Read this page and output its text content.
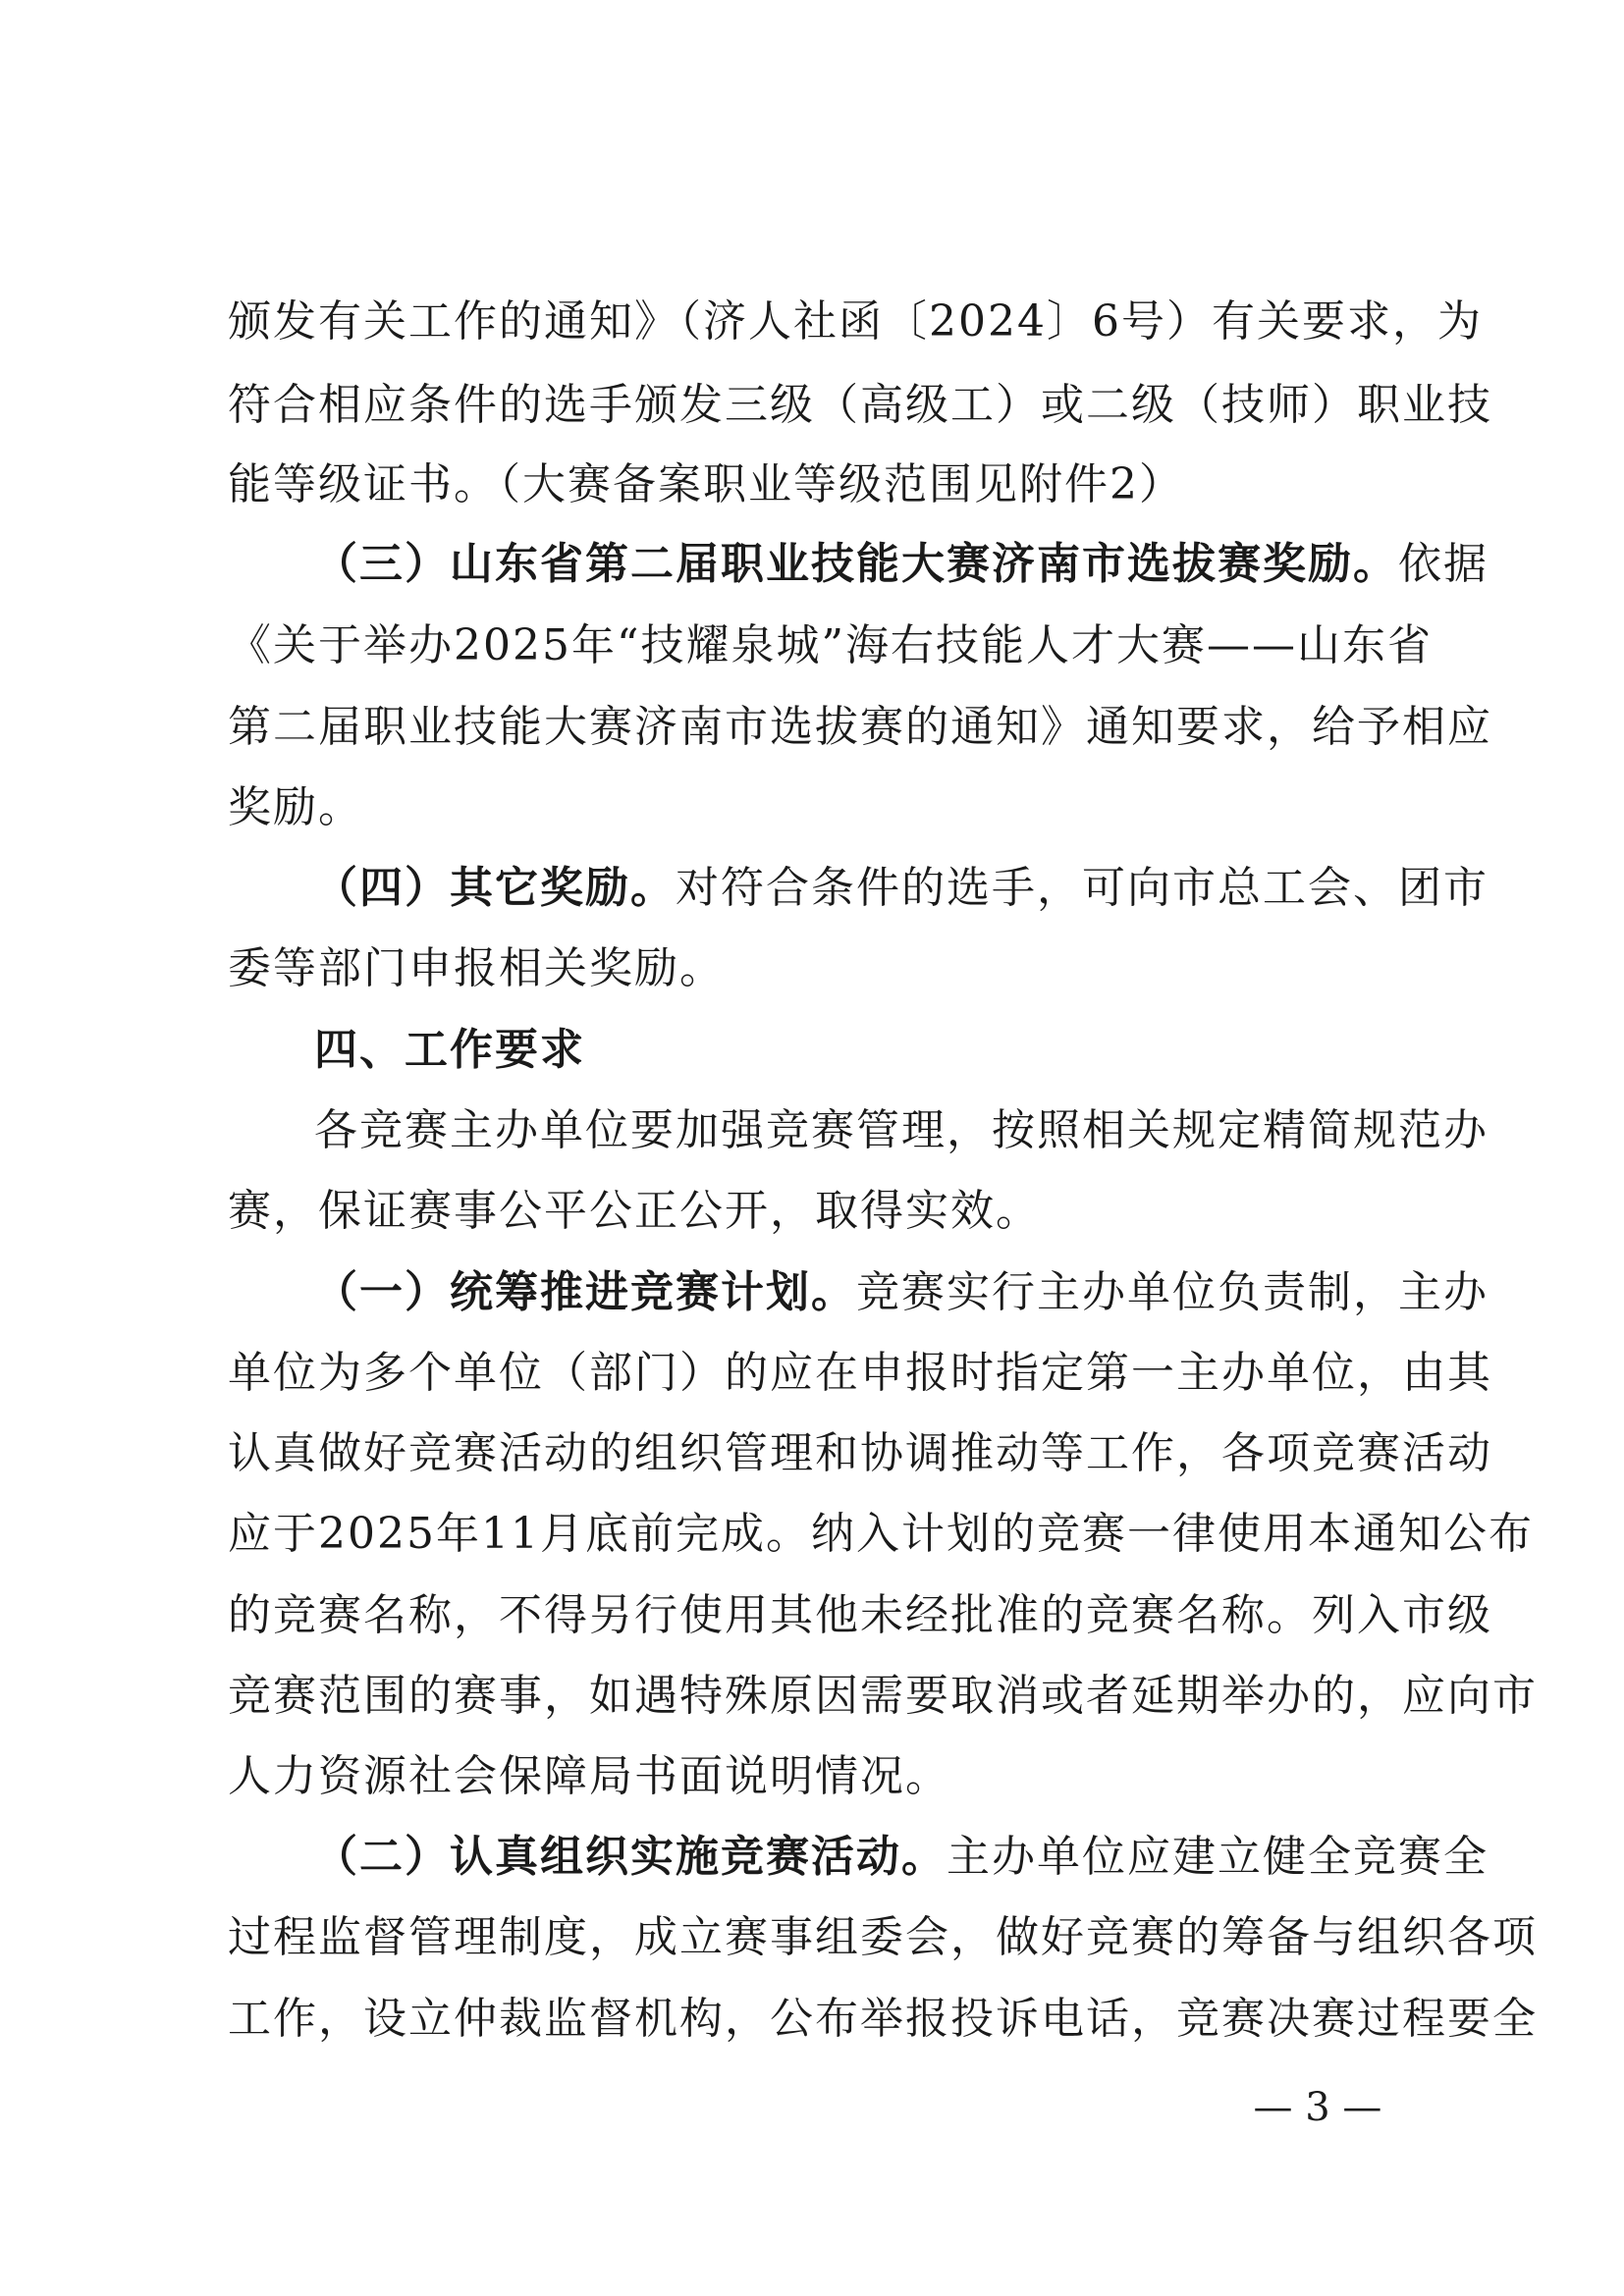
颁发有关工作的通知》（济人社函〔2024〕6号）有关要求，为
符合相应条件的选手颁发三级（高级工）或二级（技师）职业技
能等级证书。（大赛备案职业等级范围见附件2）
（三）山东省第二届职业技能大赛济南市选拔赛奖励。依据
《关于举办2025年“技耀泉城”海右技能人才大赛——山东省
第二届职业技能大赛济南市选拔赛的通知》通知要求，给予相应
奖励。
（四）其它奖励。对符合条件的选手，可向市总工会、团市
委等部门申报相关奖励。
四、工作要求
各竞赛主办单位要加强竞赛管理，按照相关规定精简规范办
赛，保证赛事公平公正公开，取得实效。
（一）统筹推进竞赛计划。竞赛实行主办单位负责制，主办
单位为多个单位（部门）的应在申报时指定第一主办单位，由其
认真做好竞赛活动的组织管理和协调推动等工作，各项竞赛活动
应于2025年11月底前完成。纳入计划的竞赛一律使用本通知公布
的竞赛名称，不得另行使用其他未经批准的竞赛名称。列入市级
竞赛范围的赛事，如遇特殊原因需要取消或者延期举办的，应向市
人力资源社会保障局书面说明情况。
（二）认真组织实施竞赛活动。主办单位应建立健全竞赛全
过程监督管理制度，成立赛事组委会，做好竞赛的筹备与组织各项
工作，设立仲裁监督机构，公布举报投诉电话，竞赛决赛过程要全
— 3 —
